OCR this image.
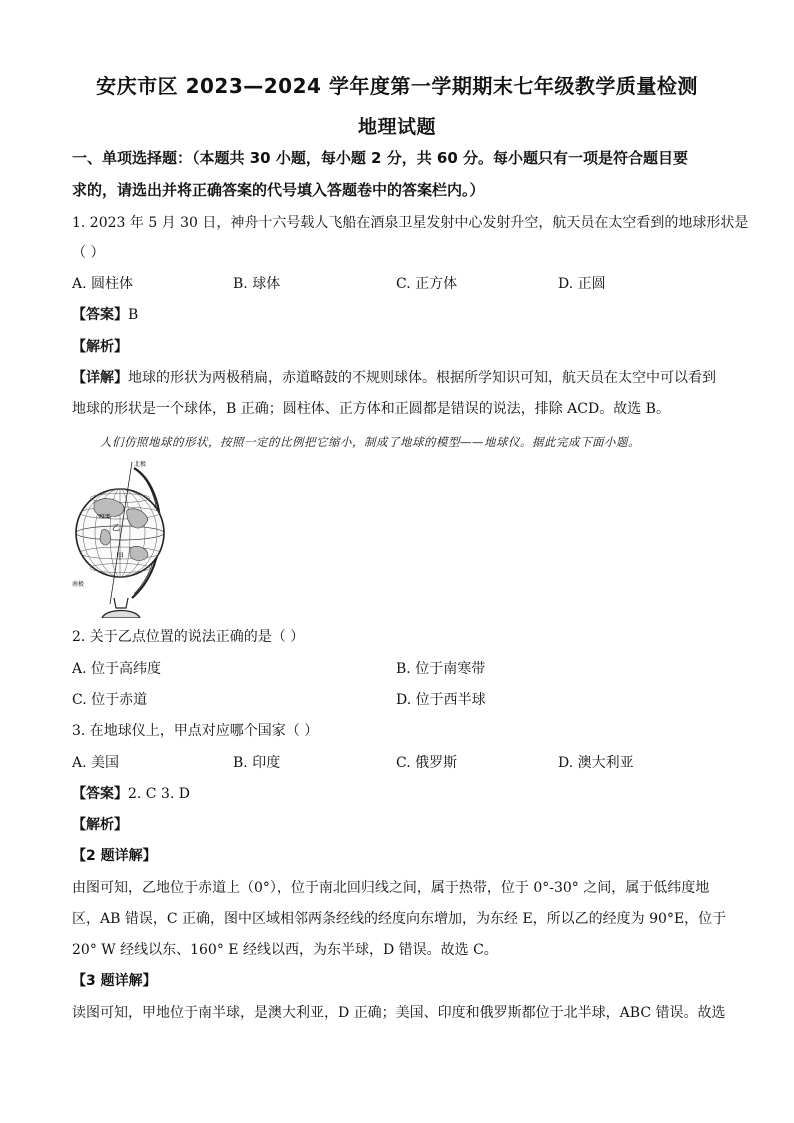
安庆市区 2023—2024 学年度第一学期期末七年级教学质量检测
地理试题
一、单项选择题：（本题共 30 小题，每小题 2 分，共 60 分。每小题只有一项是符合题目要
求的，请选出并将正确答案的代号填入答题卷中的答案栏内。）
1. 2023 年 5 月 30 日，神舟十六号载人飞船在酒泉卫星发射中心发射升空，航天员在太空看到的地球形状是
（ ）
A. 圆柱体	B. 球体	C. 正方体	D. 正圆
【答案】B
【解析】
【详解】地球的形状为两极稍扁，赤道略鼓的不规则球体。根据所学知识可知，航天员在太空中可以看到
地球的形状是一个球体，B 正确；圆柱体、正方体和正圆都是错误的说法，排除 ACD。故选 B。
人们仿照地球的形状，按照一定的比例把它缩小，制成了地球的模型——地球仪。据此完成下面小题。
北极
南极
甲
乙
90°E
2. 关于乙点位置的说法正确的是（ ）
A. 位于高纬度	B. 位于南寒带
C. 位于赤道	D. 位于西半球
3. 在地球仪上，甲点对应哪个国家（ ）
A. 美国	B. 印度	C. 俄罗斯	D. 澳大利亚
【答案】2. C 3. D
【解析】
【2 题详解】
由图可知，乙地位于赤道上（0°），位于南北回归线之间，属于热带，位于 0°-30° 之间，属于低纬度地
区，AB 错误，C 正确，图中区域相邻两条经线的经度向东增加，为东经 E，所以乙的经度为 90°E，位于
20° W 经线以东、160° E 经线以西，为东半球，D 错误。故选 C。
【3 题详解】
读图可知，甲地位于南半球，是澳大利亚，D 正确；美国、印度和俄罗斯都位于北半球，ABC 错误。故选
